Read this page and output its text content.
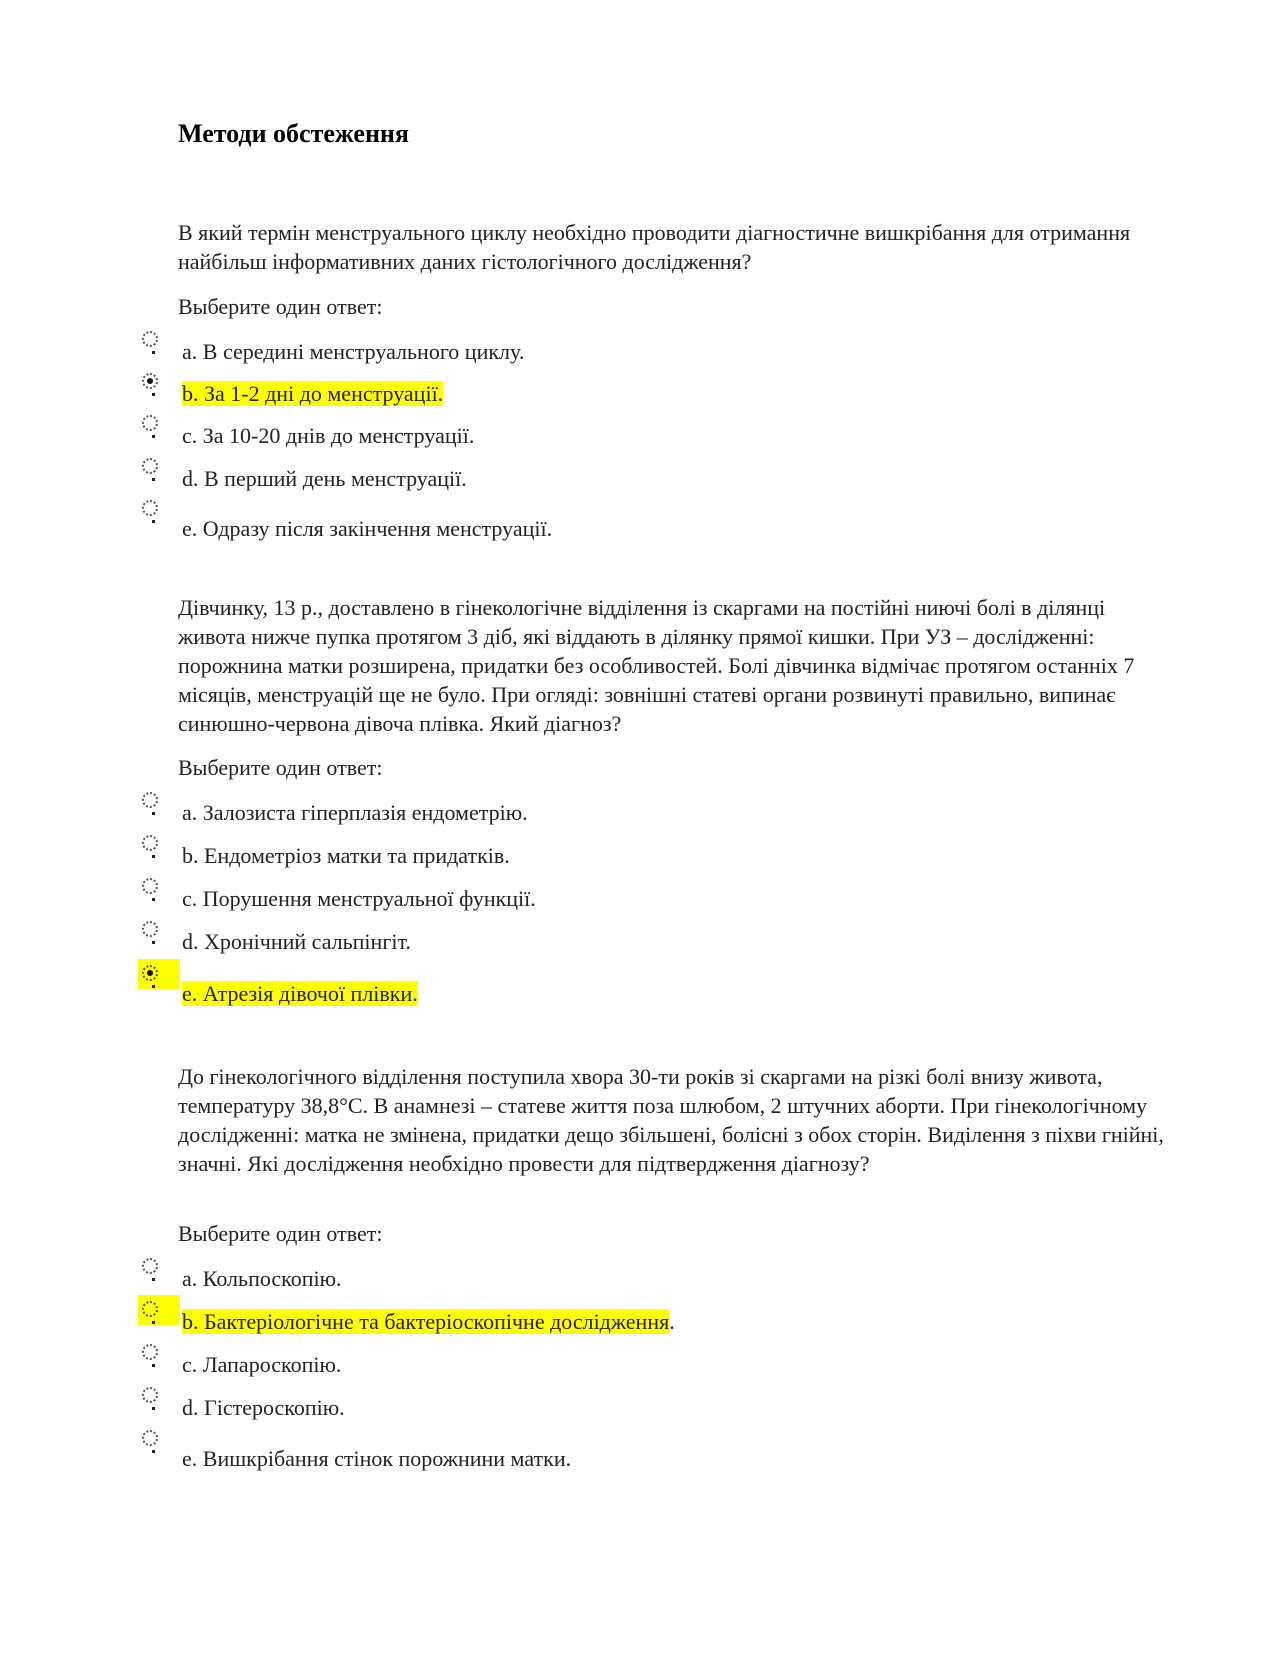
Методи обстеження

В який термін менструального циклу необхідно проводити діагностичне вишкрібання для отримання найбільш інформативних даних гістологічного дослідження?

Выберите один ответ:

a. В середині менструального циклу.
b. За 1-2 дні до менструації.
c. За 10-20 днів до менструації.
d. В перший день менструації.
e. Одразу після закінчення менструації.

Дівчинку, 13 р., доставлено в гінекологічне відділення із скаргами на постійні ниючі болі в ділянці живота нижче пупка протягом 3 діб, які віддають в ділянку прямої кишки. При УЗ – дослідженні: порожнина матки розширена, придатки без особливостей. Болі дівчинка відмічає протягом останніх 7 місяців, менструацій ще не було. При огляді: зовнішні статеві органи розвинуті правильно, випинає синюшно-червона дівоча плівка. Який діагноз?

Выберите один ответ:

a. Залозиста гіперплазія ендометрію.
b. Ендометріоз матки та придатків.
c. Порушення менструальної функції.
d. Хронічний сальпінгіт.
e. Атрезія дівочої плівки.

До гінекологічного відділення поступила хвора 30-ти років зі скаргами на різкі болі внизу живота, температуру 38,8°С. В анамнезі – статеве життя поза шлюбом, 2 штучних аборти. При гінекологічному дослідженні: матка не змінена, придатки дещо збільшені, болісні з обох сторін. Виділення з піхви гнійні, значні. Які дослідження необхідно провести для підтвердження діагнозу?

Выберите один ответ:

a. Кольпоскопію.
b. Бактеріологічне та бактеріоскопічне дослідження.
c. Лапароскопію.
d. Гістероскопію.
e. Вишкрібання стінок порожнини матки.
